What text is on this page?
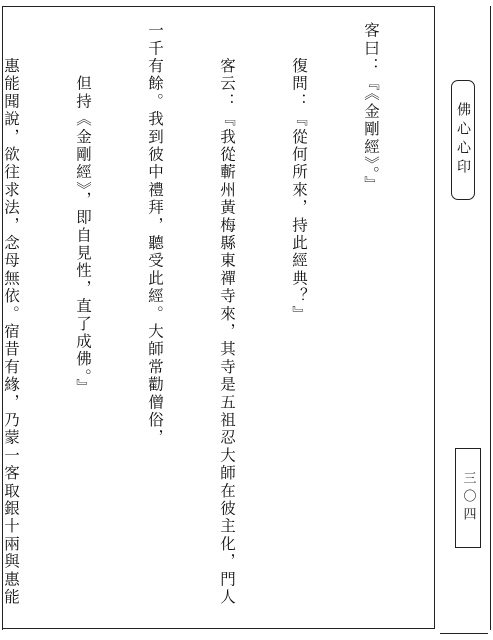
客曰：『《金剛經》。』

　　復問：『從何所來，持此經典？』

　　客云：『我從蘄州黃梅縣東禪寺來，其寺是五祖忍大師在彼主化，門人

一千有餘。我到彼中禮拜，聽受此經。大師常勸僧俗，

　　　但持《金剛經》，即自見性，直了成佛。』

　　惠能聞說，欲往求法，念母無依。宿昔有緣，乃蒙一客取銀十兩與惠能

	佛心心印
三〇四
